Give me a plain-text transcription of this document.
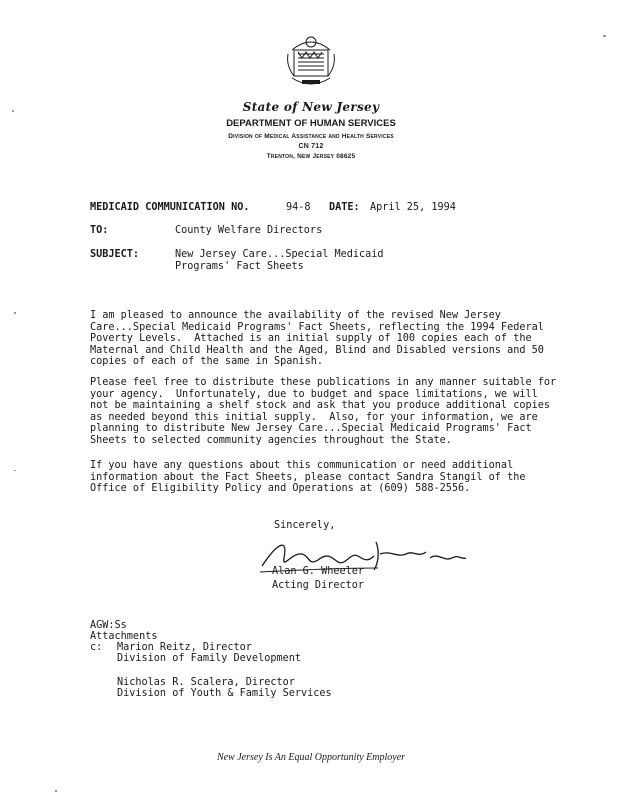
State of New Jersey
DEPARTMENT OF HUMAN SERVICES
Division of Medical Assistance and Health Services
CN 712
Trenton, New Jersey 08625
MEDICAID COMMUNICATION NO.	94-8 DATE: April 25, 1994
TO:	County Welfare Directors
SUBJECT:	New Jersey Care...Special Medicaid
Programs' Fact Sheets
I am pleased to announce the availability of the revised New Jersey
Care...Special Medicaid Programs' Fact Sheets, reflecting the 1994 Federal
Poverty Levels.  Attached is an initial supply of 100 copies each of the
Maternal and Child Health and the Aged, Blind and Disabled versions and 50
copies of each of the same in Spanish.
Please feel free to distribute these publications in any manner suitable for
your agency.  Unfortunately, due to budget and space limitations, we will
not be maintaining a shelf stock and ask that you produce additional copies
as needed beyond this initial supply.  Also, for your information, we are
planning to distribute New Jersey Care...Special Medicaid Programs' Fact
Sheets to selected community agencies throughout the State.
If you have any questions about this communication or need additional
information about the Fact Sheets, please contact Sandra Stangil of the
Office of Eligibility Policy and Operations at (609) 588-2556.
Sincerely,
Alan G. Wheeler
Acting Director
AGW:Ss
Attachments
c: Marion Reitz, Director
Division of Family Development
Nicholas R. Scalera, Director
Division of Youth & Family Services
New Jersey Is An Equal Opportunity Employer
